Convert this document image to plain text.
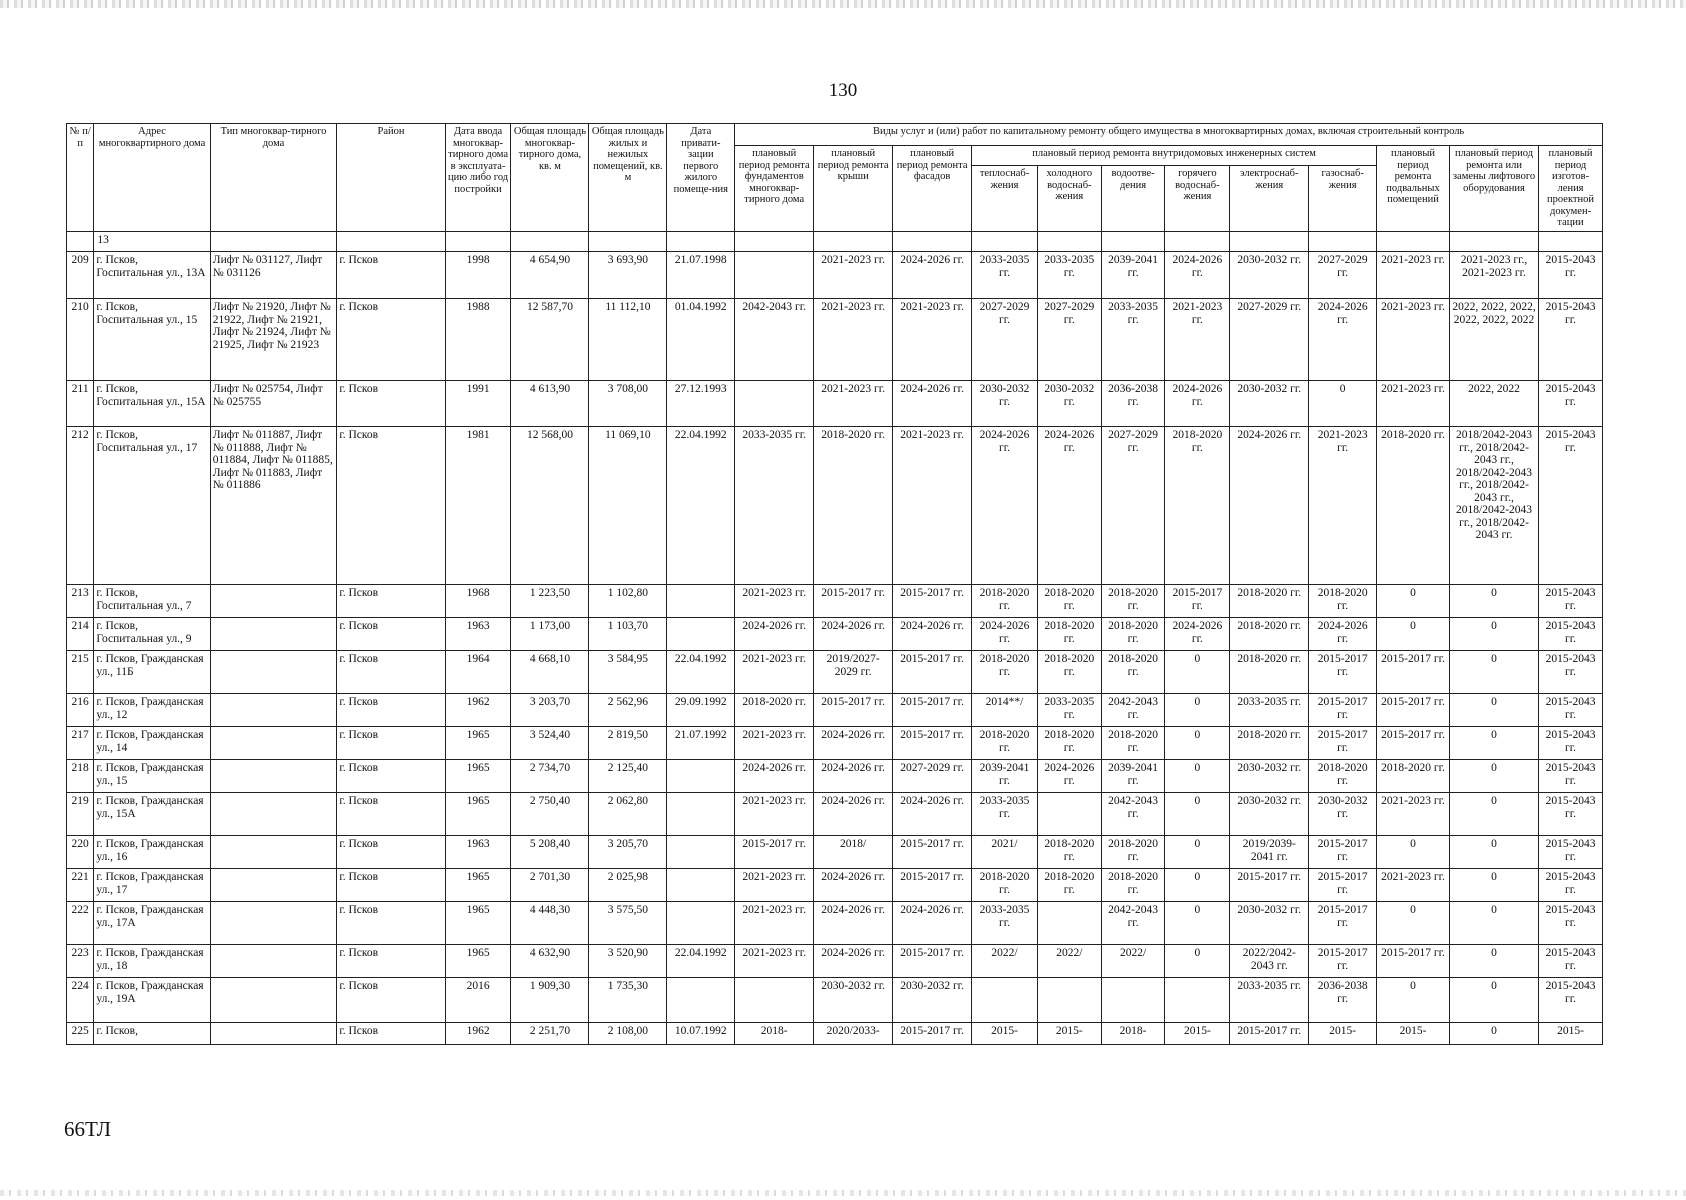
130
№ п/п	Адрес многоквартирного дома	Тип многоквар-тирного дома	Район	Дата ввода многоквар-тирного дома в эксплуата-цию либо год постройки	Общая площадь многоквар-тирного дома, кв. м	Общая площадь жилых и нежилых помещений, кв. м	Дата привати-зации первого жилого помеще-ния	Виды услуг и (или) работ по капитальному ремонту общего имущества в многоквартирных домах, включая строительный контроль											
								плановый период ремонта фундаментов многоквар-тирного дома	плановый период ремонта крыши	плановый период ремонта фасадов	плановый период ремонта внутридомовых инженерных систем						плановый период ремонта подвальных помещений	плановый период ремонта или замены лифтового оборудования	плановый период изготов-ления проектной докумен-тации
											теплоснаб-жения	холодного водоснаб-жения	водоотве-дения	горячего водоснаб-жения	электроснаб-жения	газоснаб-жения			
	13																		
209	г. Псков, Госпитальная ул., 13А	Лифт № 031127, Лифт № 031126	г. Псков	1998	4 654,90	3 693,90	21.07.1998		2021-2023 гг.	2024-2026 гг.	2033-2035 гг.	2033-2035 гг.	2039-2041 гг.	2024-2026 гг.	2030-2032 гг.	2027-2029 гг.	2021-2023 гг.	2021-2023 гг., 2021-2023 гг.	2015-2043 гг.
210	г. Псков, Госпитальная ул., 15	Лифт № 21920, Лифт № 21922, Лифт № 21921, Лифт № 21924, Лифт № 21925, Лифт № 21923	г. Псков	1988	12 587,70	11 112,10	01.04.1992	2042-2043 гг.	2021-2023 гг.	2021-2023 гг.	2027-2029 гг.	2027-2029 гг.	2033-2035 гг.	2021-2023 гг.	2027-2029 гг.	2024-2026 гг.	2021-2023 гг.	2022, 2022, 2022, 2022, 2022, 2022	2015-2043 гг.
211	г. Псков, Госпитальная ул., 15А	Лифт № 025754, Лифт № 025755	г. Псков	1991	4 613,90	3 708,00	27.12.1993		2021-2023 гг.	2024-2026 гг.	2030-2032 гг.	2030-2032 гг.	2036-2038 гг.	2024-2026 гг.	2030-2032 гг.	0	2021-2023 гг.	2022, 2022	2015-2043 гг.
212	г. Псков, Госпитальная ул., 17	Лифт № 011887, Лифт № 011888, Лифт № 011884, Лифт № 011885, Лифт № 011883, Лифт № 011886	г. Псков	1981	12 568,00	11 069,10	22.04.1992	2033-2035 гг.	2018-2020 гг.	2021-2023 гг.	2024-2026 гг.	2024-2026 гг.	2027-2029 гг.	2018-2020 гг.	2024-2026 гг.	2021-2023 гг.	2018-2020 гг.	2018/2042-2043 гг., 2018/2042-2043 гг., 2018/2042-2043 гг., 2018/2042-2043 гг., 2018/2042-2043 гг., 2018/2042-2043 гг.	2015-2043 гг.
213	г. Псков, Госпитальная ул., 7		г. Псков	1968	1 223,50	1 102,80		2021-2023 гг.	2015-2017 гг.	2015-2017 гг.	2018-2020 гг.	2018-2020 гг.	2018-2020 гг.	2015-2017 гг.	2018-2020 гг.	2018-2020 гг.	0	0	2015-2043 гг.
214	г. Псков, Госпитальная ул., 9		г. Псков	1963	1 173,00	1 103,70		2024-2026 гг.	2024-2026 гг.	2024-2026 гг.	2024-2026 гг.	2018-2020 гг.	2018-2020 гг.	2024-2026 гг.	2018-2020 гг.	2024-2026 гг.	0	0	2015-2043 гг.
215	г. Псков, Гражданская ул., 11Б		г. Псков	1964	4 668,10	3 584,95	22.04.1992	2021-2023 гг.	2019/2027-2029 гг.	2015-2017 гг.	2018-2020 гг.	2018-2020 гг.	2018-2020 гг.	0	2018-2020 гг.	2015-2017 гг.	2015-2017 гг.	0	2015-2043 гг.
216	г. Псков, Гражданская ул., 12		г. Псков	1962	3 203,70	2 562,96	29.09.1992	2018-2020 гг.	2015-2017 гг.	2015-2017 гг.	2014**/	2033-2035 гг.	2042-2043 гг.	0	2033-2035 гг.	2015-2017 гг.	2015-2017 гг.	0	2015-2043 гг.
217	г. Псков, Гражданская ул., 14		г. Псков	1965	3 524,40	2 819,50	21.07.1992	2021-2023 гг.	2024-2026 гг.	2015-2017 гг.	2018-2020 гг.	2018-2020 гг.	2018-2020 гг.	0	2018-2020 гг.	2015-2017 гг.	2015-2017 гг.	0	2015-2043 гг.
218	г. Псков, Гражданская ул., 15		г. Псков	1965	2 734,70	2 125,40		2024-2026 гг.	2024-2026 гг.	2027-2029 гг.	2039-2041 гг.	2024-2026 гг.	2039-2041 гг.	0	2030-2032 гг.	2018-2020 гг.	2018-2020 гг.	0	2015-2043 гг.
219	г. Псков, Гражданская ул., 15А		г. Псков	1965	2 750,40	2 062,80		2021-2023 гг.	2024-2026 гг.	2024-2026 гг.	2033-2035 гг.		2042-2043 гг.	0	2030-2032 гг.	2030-2032 гг.	2021-2023 гг.	0	2015-2043 гг.
220	г. Псков, Гражданская ул., 16		г. Псков	1963	5 208,40	3 205,70		2015-2017 гг.	2018/	2015-2017 гг.	2021/	2018-2020 гг.	2018-2020 гг.	0	2019/2039-2041 гг.	2015-2017 гг.	0	0	2015-2043 гг.
221	г. Псков, Гражданская ул., 17		г. Псков	1965	2 701,30	2 025,98		2021-2023 гг.	2024-2026 гг.	2015-2017 гг.	2018-2020 гг.	2018-2020 гг.	2018-2020 гг.	0	2015-2017 гг.	2015-2017 гг.	2021-2023 гг.	0	2015-2043 гг.
222	г. Псков, Гражданская ул., 17А		г. Псков	1965	4 448,30	3 575,50		2021-2023 гг.	2024-2026 гг.	2024-2026 гг.	2033-2035 гг.		2042-2043 гг.	0	2030-2032 гг.	2015-2017 гг.	0	0	2015-2043 гг.
223	г. Псков, Гражданская ул., 18		г. Псков	1965	4 632,90	3 520,90	22.04.1992	2021-2023 гг.	2024-2026 гг.	2015-2017 гг.	2022/	2022/	2022/	0	2022/2042-2043 гг.	2015-2017 гг.	2015-2017 гг.	0	2015-2043 гг.
224	г. Псков, Гражданская ул., 19А		г. Псков	2016	1 909,30	1 735,30			2030-2032 гг.	2030-2032 гг.					2033-2035 гг.	2036-2038 гг.	0	0	2015-2043 гг.
225	г. Псков,		г. Псков	1962	2 251,70	2 108,00	10.07.1992	2018-	2020/2033-	2015-2017 гг.	2015-	2015-	2018-	2015-	2015-2017 гг.	2015-	2015-	0	2015-
66ТЛ
